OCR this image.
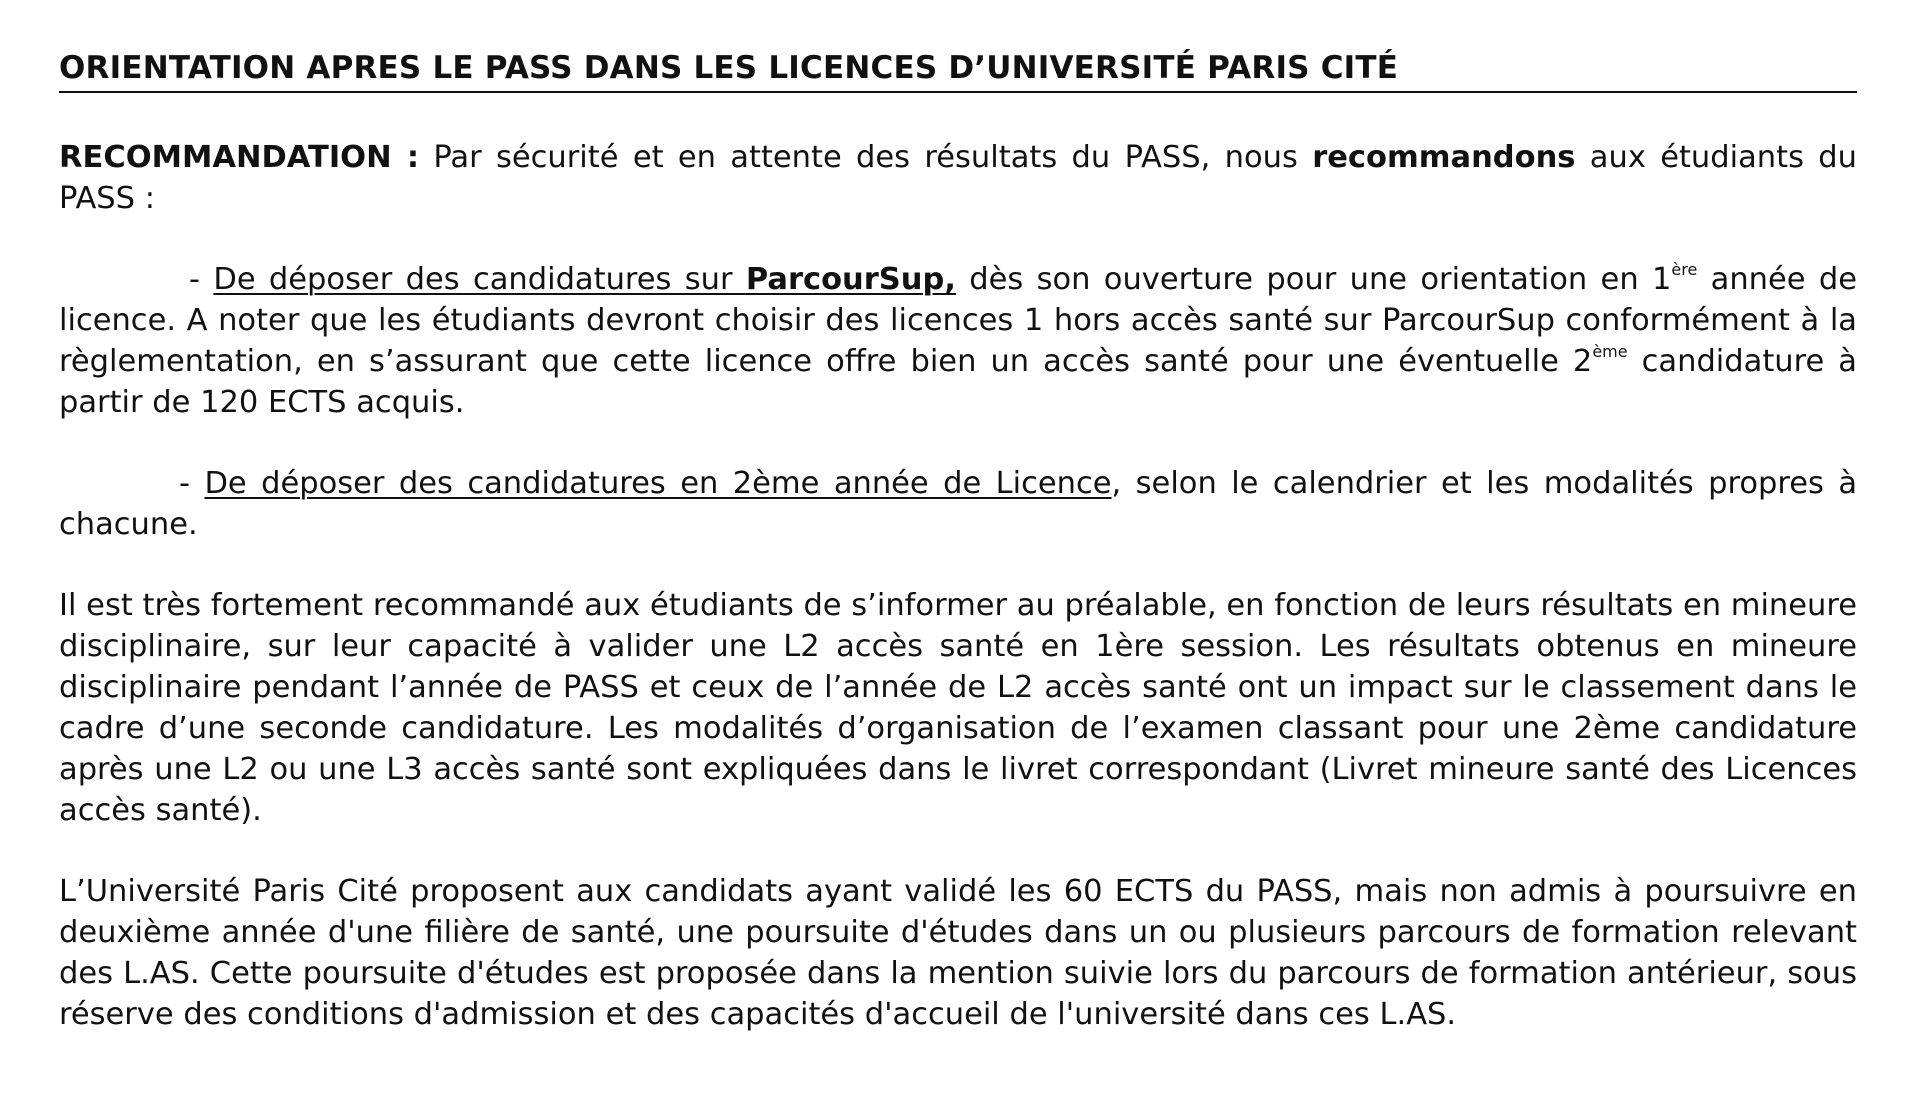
ORIENTATION APRES LE PASS DANS LES LICENCES D’UNIVERSITÉ PARIS CITÉ

RECOMMANDATION : Par sécurité et en attente des résultats du PASS, nous recommandons aux étudiants du PASS :

- De déposer des candidatures sur ParcourSup, dès son ouverture pour une orientation en 1ère année de licence. A noter que les étudiants devront choisir des licences 1 hors accès santé sur ParcourSup conformément à la règlementation, en s’assurant que cette licence offre bien un accès santé pour une éventuelle 2ème candidature à partir de 120 ECTS acquis.

- De déposer des candidatures en 2ème année de Licence, selon le calendrier et les modalités propres à chacune.

Il est très fortement recommandé aux étudiants de s’informer au préalable, en fonction de leurs résultats en mineure disciplinaire, sur leur capacité à valider une L2 accès santé en 1ère session. Les résultats obtenus en mineure disciplinaire pendant l’année de PASS et ceux de l’année de L2 accès santé ont un impact sur le classement dans le cadre d’une seconde candidature. Les modalités d’organisation de l’examen classant pour une 2ème candidature après une L2 ou une L3 accès santé sont expliquées dans le livret correspondant (Livret mineure santé des Licences accès santé).

L’Université Paris Cité proposent aux candidats ayant validé les 60 ECTS du PASS, mais non admis à poursuivre en deuxième année d'une filière de santé, une poursuite d'études dans un ou plusieurs parcours de formation relevant des L.AS. Cette poursuite d'études est proposée dans la mention suivie lors du parcours de formation antérieur, sous réserve des conditions d'admission et des capacités d'accueil de l'université dans ces L.AS.
